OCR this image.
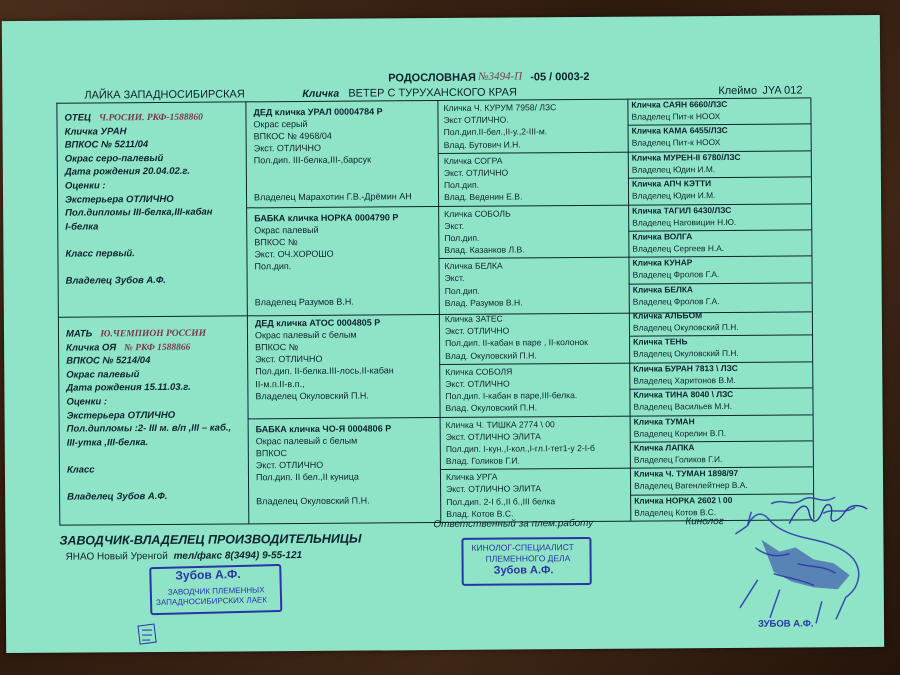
РОДОСЛОВНАЯ №3494-П -05 / 0003-2
ЛАЙКА ЗАПАДНОСИБИРСКАЯ	Кличка ВЕТЕР С ТУРУХАНСКОГО КРАЯ	Клеймо JYA 012
ОТЕЦ Ч.РОСИИ. РКФ-1588860
Кличка УРАН
ВПКОС № 5211/04
Окрас серо-палевый
Дата рождения 20.04.02.г.
Оценки :
Экстерьера ОТЛИЧНО
Пол.дипломы III-белка,III-кабан
I-белка
Класс первый.
Владелец Зубов А.Ф.
МАТЬ Ю.ЧЕМПИОН РОССИИ
Кличка ОЯ № РКФ 1588866
ВПКОС № 5214/04
Окрас палевый
Дата рождения 15.11.03.г.
Оценки :
Экстерьера ОТЛИЧНО
Пол.дипломы :2- III м. в/п ,III – каб.,
III-утка ,III-белка.
Класс
Владелец Зубов А.Ф.
ДЕД кличка УРАЛ 00004784 Р
Окрас серый
ВПКОС № 4968/04
Экст. ОТЛИЧНО
Пол.дип. III-белка,III-,барсук
Владелец Марахотин Г.В.-Дрёмин АН
БАБКА кличка НОРКА 0004790 Р
Окрас палевый
ВПКОС №
Экст. ОЧ.ХОРОШО
Пол.дип.
Владелец Разумов В.Н.
ДЕД кличка АТОС 0004805 Р
Окрас палевый с белым
ВПКОС №
Экст. ОТЛИЧНО
Пол.дип. II-белка.III-лось.II-кабан
II-м.п.II-в.п.,
Владелец Окуловский П.Н.
БАБКА кличка ЧО-Я 0004806 Р
Окрас палевый с белым
ВПКОС
Экст. ОТЛИЧНО
Пол.дип. II бел.,II куница
Владелец Окуловский П.Н.
Кличка Ч. КУРУМ 7958/ ЛЗС
Экст ОТЛИЧНО.
Пол.дип.II-бел.,II-у.,2-III-м.
Влад. Бутович И.Н.
Кличка СОГРА
Экст. ОТЛИЧНО
Пол.дип.
Влад. Веденин Е.В.
Кличка СОБОЛЬ
Экст.
Пол.дип.
Влад. Казанков Л.В.
Кличка БЕЛКА
Экст.
Пол.дип.
Влад. Разумов В.Н.
Кличка ЗАТЕС
Экст. ОТЛИЧНО
Пол.дип. II-кабан в паре , II-колонок
Влад. Окуловский П.Н.
Кличка СОБОЛЯ
Экст. ОТЛИЧНО
Пол.дип. I-кабан в паре,III-белка.
Влад. Окуловский П.Н.
Кличка Ч. ТИШКА 2774 \ 00
Экст. ОТЛИЧНО ЭЛИТА
Пол.дип. I-кун.,I-кол.,I-гл.I-тет1-у 2-I-б
Влад. Голиков Г.И.
Кличка УРГА
Экст. ОТЛИЧНО ЭЛИТА
Пол.дип. 2-I б.,II б.,III белка
Влад. Котов В.С.
Кличка САЯН 6660/ЛЗС
Владелец Пит-к НООХ
Кличка КАМА 6455/ЛЗС
Владелец Пит-к НООХ
Кличка МУРЕН-II 6780/ЛЗС
Владелец Юдин И.М.
Кличка АПЧ КЭТТИ
Владелец Юдин И.М.
Кличка ТАГИЛ 6430/ЛЗС
Владелец Наговицин Н.Ю.
Кличка ВОЛГА
Владелец Сергеев Н.А.
Кличка КУНАР
Владелец Фролов Г.А.
Кличка БЕЛКА
Владелец Фролов Г.А.
Кличка АЛЬБОМ
Владелец Окуловский П.Н.
Кличка ТЕНЬ
Владелец Окуловский П.Н.
Кличка БУРАН 7813 \ ЛЗС
Владелец Харитонов В.М.
Кличка ТИНА 8040 \ ЛЗС
Владелец Васильев М.Н.
Кличка ТУМАН
Владелец Корелин В.П.
Кличка ЛАПКА
Владелец Голиков Г.И.
Кличка Ч. ТУМАН 1898/97
Владелец Вагенлейтнер В.А.
Кличка НОРКА 2602 \ 00
Владелец Котов В.С.
ЗАВОДЧИК-ВЛАДЕЛЕЦ ПРОИЗВОДИТЕЛЬНИЦЫ
ЯНАО Новый Уренгой тел/факс 8(3494) 9-55-121
Ответственный за плем.работу	Кинолог
Зубов А.Ф.
ЗАВОДЧИК ПЛЕМЕННЫХ
ЗАПАДНОСИБИРСКИХ ЛАЕК
КИНОЛОГ-СПЕЦИАЛИСТ
ПЛЕМЕННОГО ДЕЛА
Зубов А.Ф.
ЗУБОВ А.Ф.
